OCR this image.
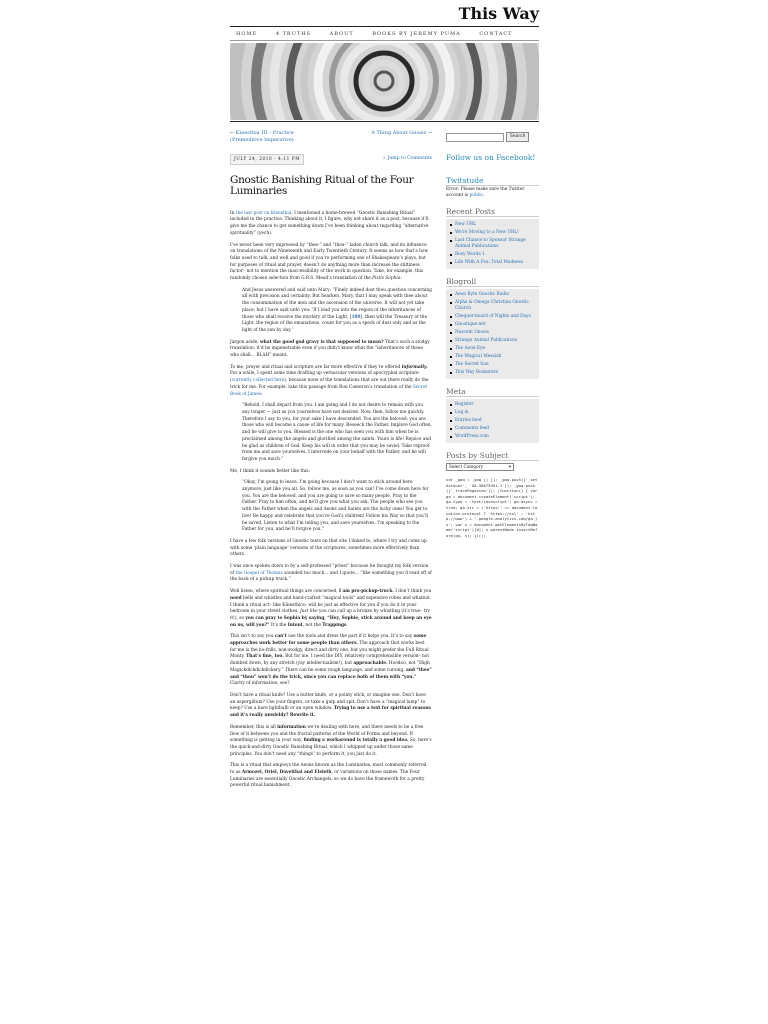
This Way
HOME	4 TRUTHS	ABOUT	BOOKS BY JEREMY PUMA	CONTACT
← Kinesthia III – Practice (Premeditive Imperative)
A Thing About Gnosis →
JULY 24, 2010 · 4:11 PM	↓ Jump to Comments
Gnostic Banishing Ritual of the Four Luminaries

In the last post on Kinesthia, I mentioned a home-brewed “Gnostic Banishing Ritual” included in the practice. Thinking about it, I figure, why not share it as a post, because it’ll give me the chance to get something down I’ve been thinking about regarding “alternative spirituality” (yech).

I’ve never been very impressed by “thee-” and “thou-” laden church talk, and its influence on translations of the Nineteenth and Early Twentieth Century. It seems as how that’s how folks used to talk, and well and good if you’re performing one of Shakespeare’s plays, but for purposes of ritual and prayer, doesn’t do anything more than increase the stiltiness factor– not to mention the inaccessibility of the work in question. Take, for example, this randomly chosen selection from G.R.S. Mead’s translation of the Pistis Sophia:

And Jesus answered and said unto Mary: “Finely indeed dost thou question concerning all with precision and certainty. But hearken, Mary, that I may speak with thee about the consummation of the æon and the ascension of the universe. It will not yet take place; but I have said unto you: ‘If I lead you into the region of the inheritances of those who shall receive the mystery of the Light, [189]. then will the Treasury of the Light, the region of the emanations, count for you as a speck of dust only and as the light of the sun by day.’

Jargon aside, what the good god gravy is that supposed to mean? That’s such a stodgy translation, it’d be impenetrable even if you didn’t know what the “inheritances of those who shall… BLAH” meant.

To me, prayer and ritual and scripture are far more effective if they’re offered informally. For a while, I spent some time drafting up vernacular versions of apocryphal scripture (currently collected here), because none of the translations that are out there really do the trick for me. For example, take this passage from Ron Cameron’s translation of the Secret Book of James:

“Behold, I shall depart from you. I am going and I do not desire to remain with you any longer — just as you yourselves have not desired. Now, then, follow me quickly. Therefore I say to you, for your sake I have descended. You are the beloved; you are those who will become a cause of life for many. Beseech the Father. Implore God often, and he will give to you. Blessed is the one who has seen you with him when he is proclaimed among the angels and glorified among the saints. Yours is life! Rejoice and be glad as children of God. Keep his will in order that you may be saved. Take reproof from me and save yourselves. I intercede on your behalf with the Father, and he will forgive you much.”

Me, I think it sounds better like this:

“Okay, I’m going to leave. I’m going because I don’t want to stick around here anymore, just like you all. So, follow me, as soon as you can! I’ve come down here for you. You are the beloved, and you are going to save so many people. Pray to the Father. Pray to him often, and he’ll give you what you ask. The people who see you with the Father when the angels and Aeons and Saints are the lucky ones! You get to live! Be happy and celebrate that you’re God’s children! Follow his Way so that you’ll be saved. Listen to what I’m telling you, and save yourselves. I’m speaking to the Father for you, and he’ll forgive you.”

I have a few folk versions of Gnostic texts on that site I linked to, where I try and come up with some ‘plain language’ versions of the scriptures, sometimes more effectively than others.

I was once spoken down to by a self-professed “priest” because he thought my folk version of the Gospel of Thomas sounded too much… and I quote… “like something you’d read off of the back of a pickup truck.”

Well listen, where spiritual things are concerned, I am pro-pickup-truck. I don’t think you need bells and whistles and hand-crafted “magical tools” and expensive robes and whatnot. I think a ritual act– like Kinesthics– will be just as effective for you if you do it in your bedroom in your street clothes. Just like you can call up a bronze by whistling (it’s true– try it!), so you can pray to Sophia by saying, “Hey, Sophie, stick around and keep an eye on us, will you?” It’s the Intent, not the Trappings.

This isn’t to say you can’t use the tools and dress the part if it helps you. It’s to say some approaches work better for some people than others. The approach that works best for me is the no-frills, non-stodgy, direct and dirty one, but you might prefer the Full Ritual Monty. That’s fine, too. But for me, I need the DIY, relatively comprehensible version– not dumbed down, by any stretch (yay intellectualism!), but approachable. Hoodoo, not “High Magickdickdickdickery.” There can be some rough language, and some cursing, and “thee” and “thou” won’t do the trick, since you can replace both of them with “you.” Clarity of information, see?

Don’t have a ritual knife? Use a butter knife, or a pointy stick, or imagine one. Don’t have an aspergillum? Use your fingers, or take a gulp and spit. Don’t have a “magical lamp” to keep? Use a bare lightbulb or an open window. Trying to use a text for spiritual reasons and it’s really unwieldy? Rewrite it.

Remember, this is all information we’re dealing with here, and there needs to be a free flow of it between you and the fractal patterns of the World of Forms and beyond. If something is getting in your way, finding a workaround is totally a good idea. So, here’s the quick-and-dirty Gnostic Banishing Ritual, which I whipped up under those same principles. You don’t need any “things” to perform it, you just do it.

This is a ritual that employs the Aeons known as the Luminaries, most commonly referred to as Armozel, Oriel, Daveithai and Eleleth, or variations on those names. The Four Luminaries are essentially Gnostic Archangels, so we do have the framework for a pretty powerful ritual banishment.

Search
Follow us on Facebook!
Twitstude
Error: Please make sure the Twitter account is public.
Recent Posts
New URL
We're Moving to a New URL!
Last Chance to Sponsor Strange Animal Publications
Busy Words 1
Life With A Fox: Total Madness
Blogroll
Aeon Byte Gnostic Radio
Alpha & Omega Christian Gnostic Church
Chequer-board of Nights and Days
Gnostique.net
Nascent Gnosis
Strange Animal Publications
The Aeon Eye
The Magical Messiah
The Secret Sun
This Way Bookstore
Meta
Register
Log in
Entries feed
Comments feed
WordPress.com
Posts by Subject
Select Category	▾
var _gaq = _gaq || []; _gaq.push(['_setAccount', 'UA-38679491-1']); _gaq.push(['_trackPageview']); (function() { var ga = document.createElement('script'); ga.type = 'text/javascript'; ga.async = true; ga.src = ('https:' == document.location.protocol ? 'https://ssl' : 'http://www') + '.google-analytics.com/ga.js'; var s = document.getElementsByTagName('script')[0]; s.parentNode.insertBefore(ga, s); })();
